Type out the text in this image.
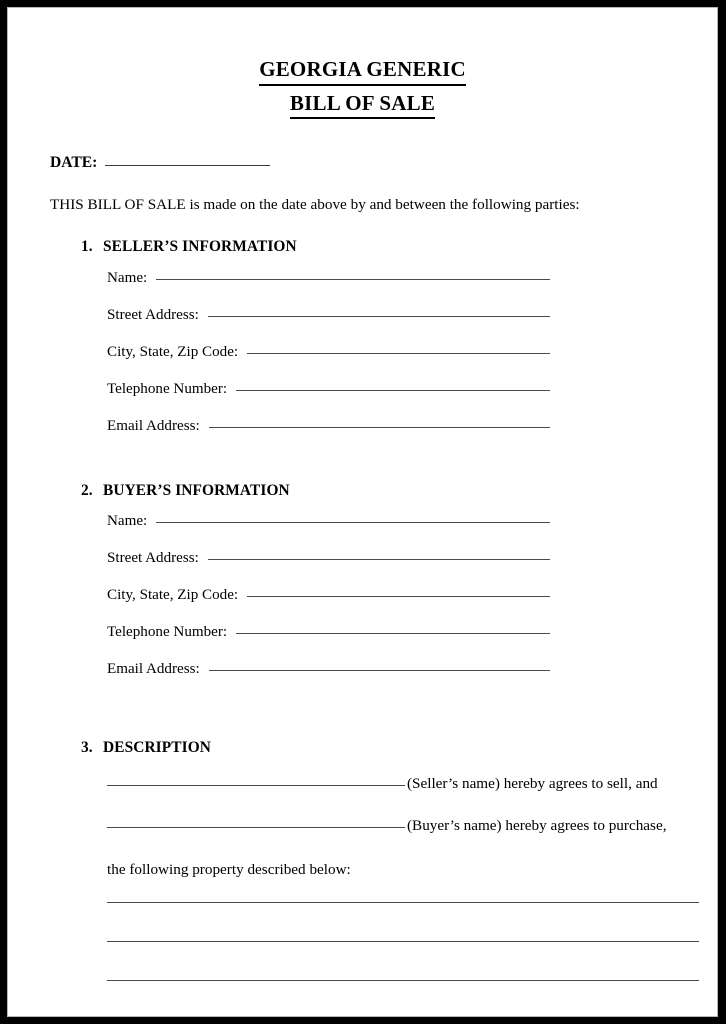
GEORGIA GENERIC
BILL OF SALE
DATE:
THIS BILL OF SALE is made on the date above by and between the following parties:
1. SELLER’S INFORMATION
Name:
Street Address:
City, State, Zip Code:
Telephone Number:
Email Address:
2. BUYER’S INFORMATION
Name:
Street Address:
City, State, Zip Code:
Telephone Number:
Email Address:
3. DESCRIPTION
(Seller’s name) hereby agrees to sell, and
(Buyer’s name) hereby agrees to purchase,
the following property described below:
